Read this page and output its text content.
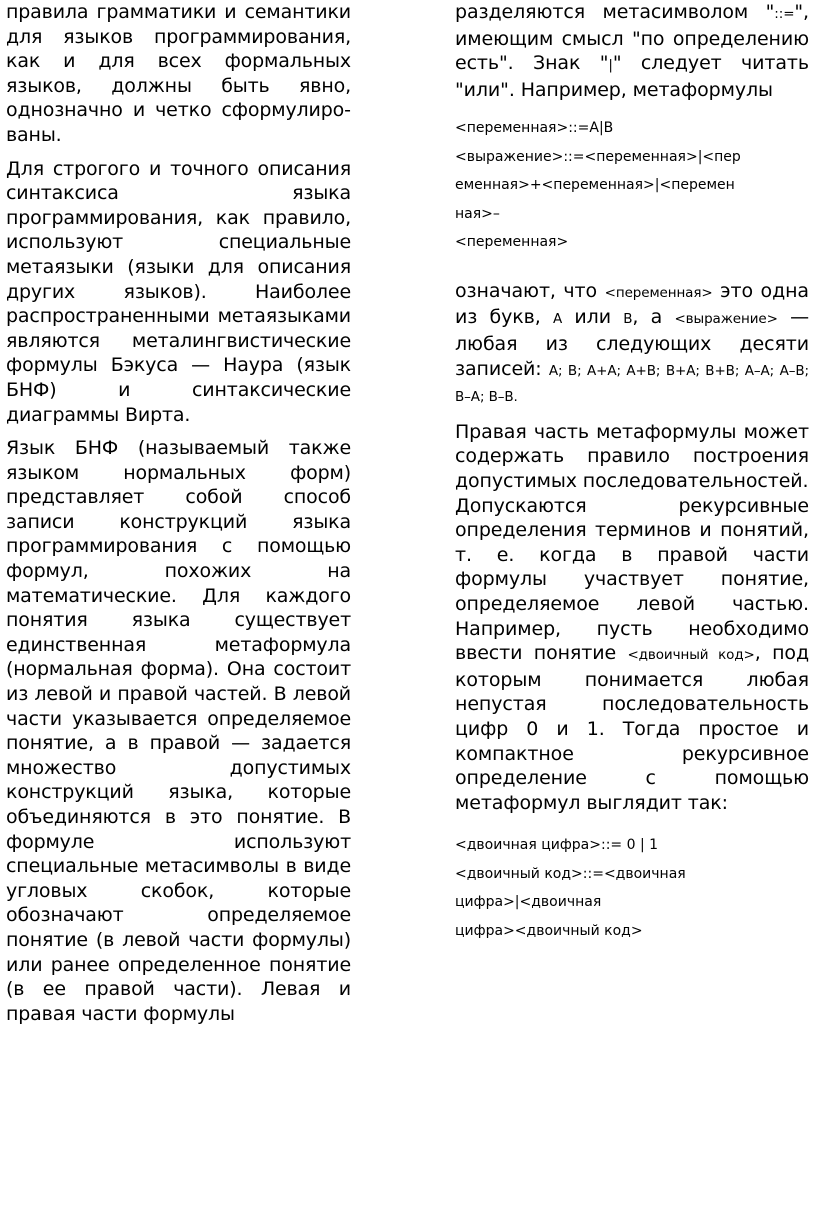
правила грамматики и семантики для языков программирования, как и для всех формальных языков, должны быть явно, однозначно и четко сформулированы.

Для строгого и точного описания синтаксиса языка программирования, как правило, используют специальные метаязыки (языки для описания других языков). Наиболее распространенными метаязыками являются металингвистические формулы Бэкуса — Наура (язык БНФ) и синтаксические диаграммы Вирта.

Язык БНФ (называемый также языком нормальных форм) представляет собой способ записи конструкций языка программирования с помощью формул, похожих на математические. Для каждого понятия языка существует единственная метаформула (нормальная форма). Она состоит из левой и правой частей. В левой части указывается определяемое понятие, а в правой — задается множество допустимых конструкций языка, которые объединяются в это понятие. В формуле используют специальные метасимволы в виде угловых скобок, которые обозначают определяемое понятие (в левой части формулы) или ранее определенное понятие (в ее правой части). Левая и правая части формулы

разделяются метасимволом "::=", имеющим смысл "по определению есть". Знак "|" следует читать "или". Например, метаформулы

<переменная>::=A|B
<выражение>::=<переменная>|<пер
еменная>+<переменная>|<перемен
ная>–
<переменная>

означают, что <переменная> это одна из букв, A или B, а <выражение> — любая из следующих десяти записей: A; B; A+A; A+B; B+A; B+B; A–A; A–B; B–A; B–B.

Правая часть метаформулы может содержать правило построения допустимых последовательностей.

Допускаются рекурсивные определения терминов и понятий, т. е. когда в правой части формулы участвует понятие, определяемое левой частью. Например, пусть необходимо ввести понятие <двоичный код>, под которым понимается любая непустая последовательность цифр 0 и 1. Тогда простое и компактное рекурсивное определение с помощью метаформул выглядит так:

<двоичная цифра>::= 0 | 1
<двоичный код>::=<двоичная
цифра>|<двоичная
цифра><двоичный код>
